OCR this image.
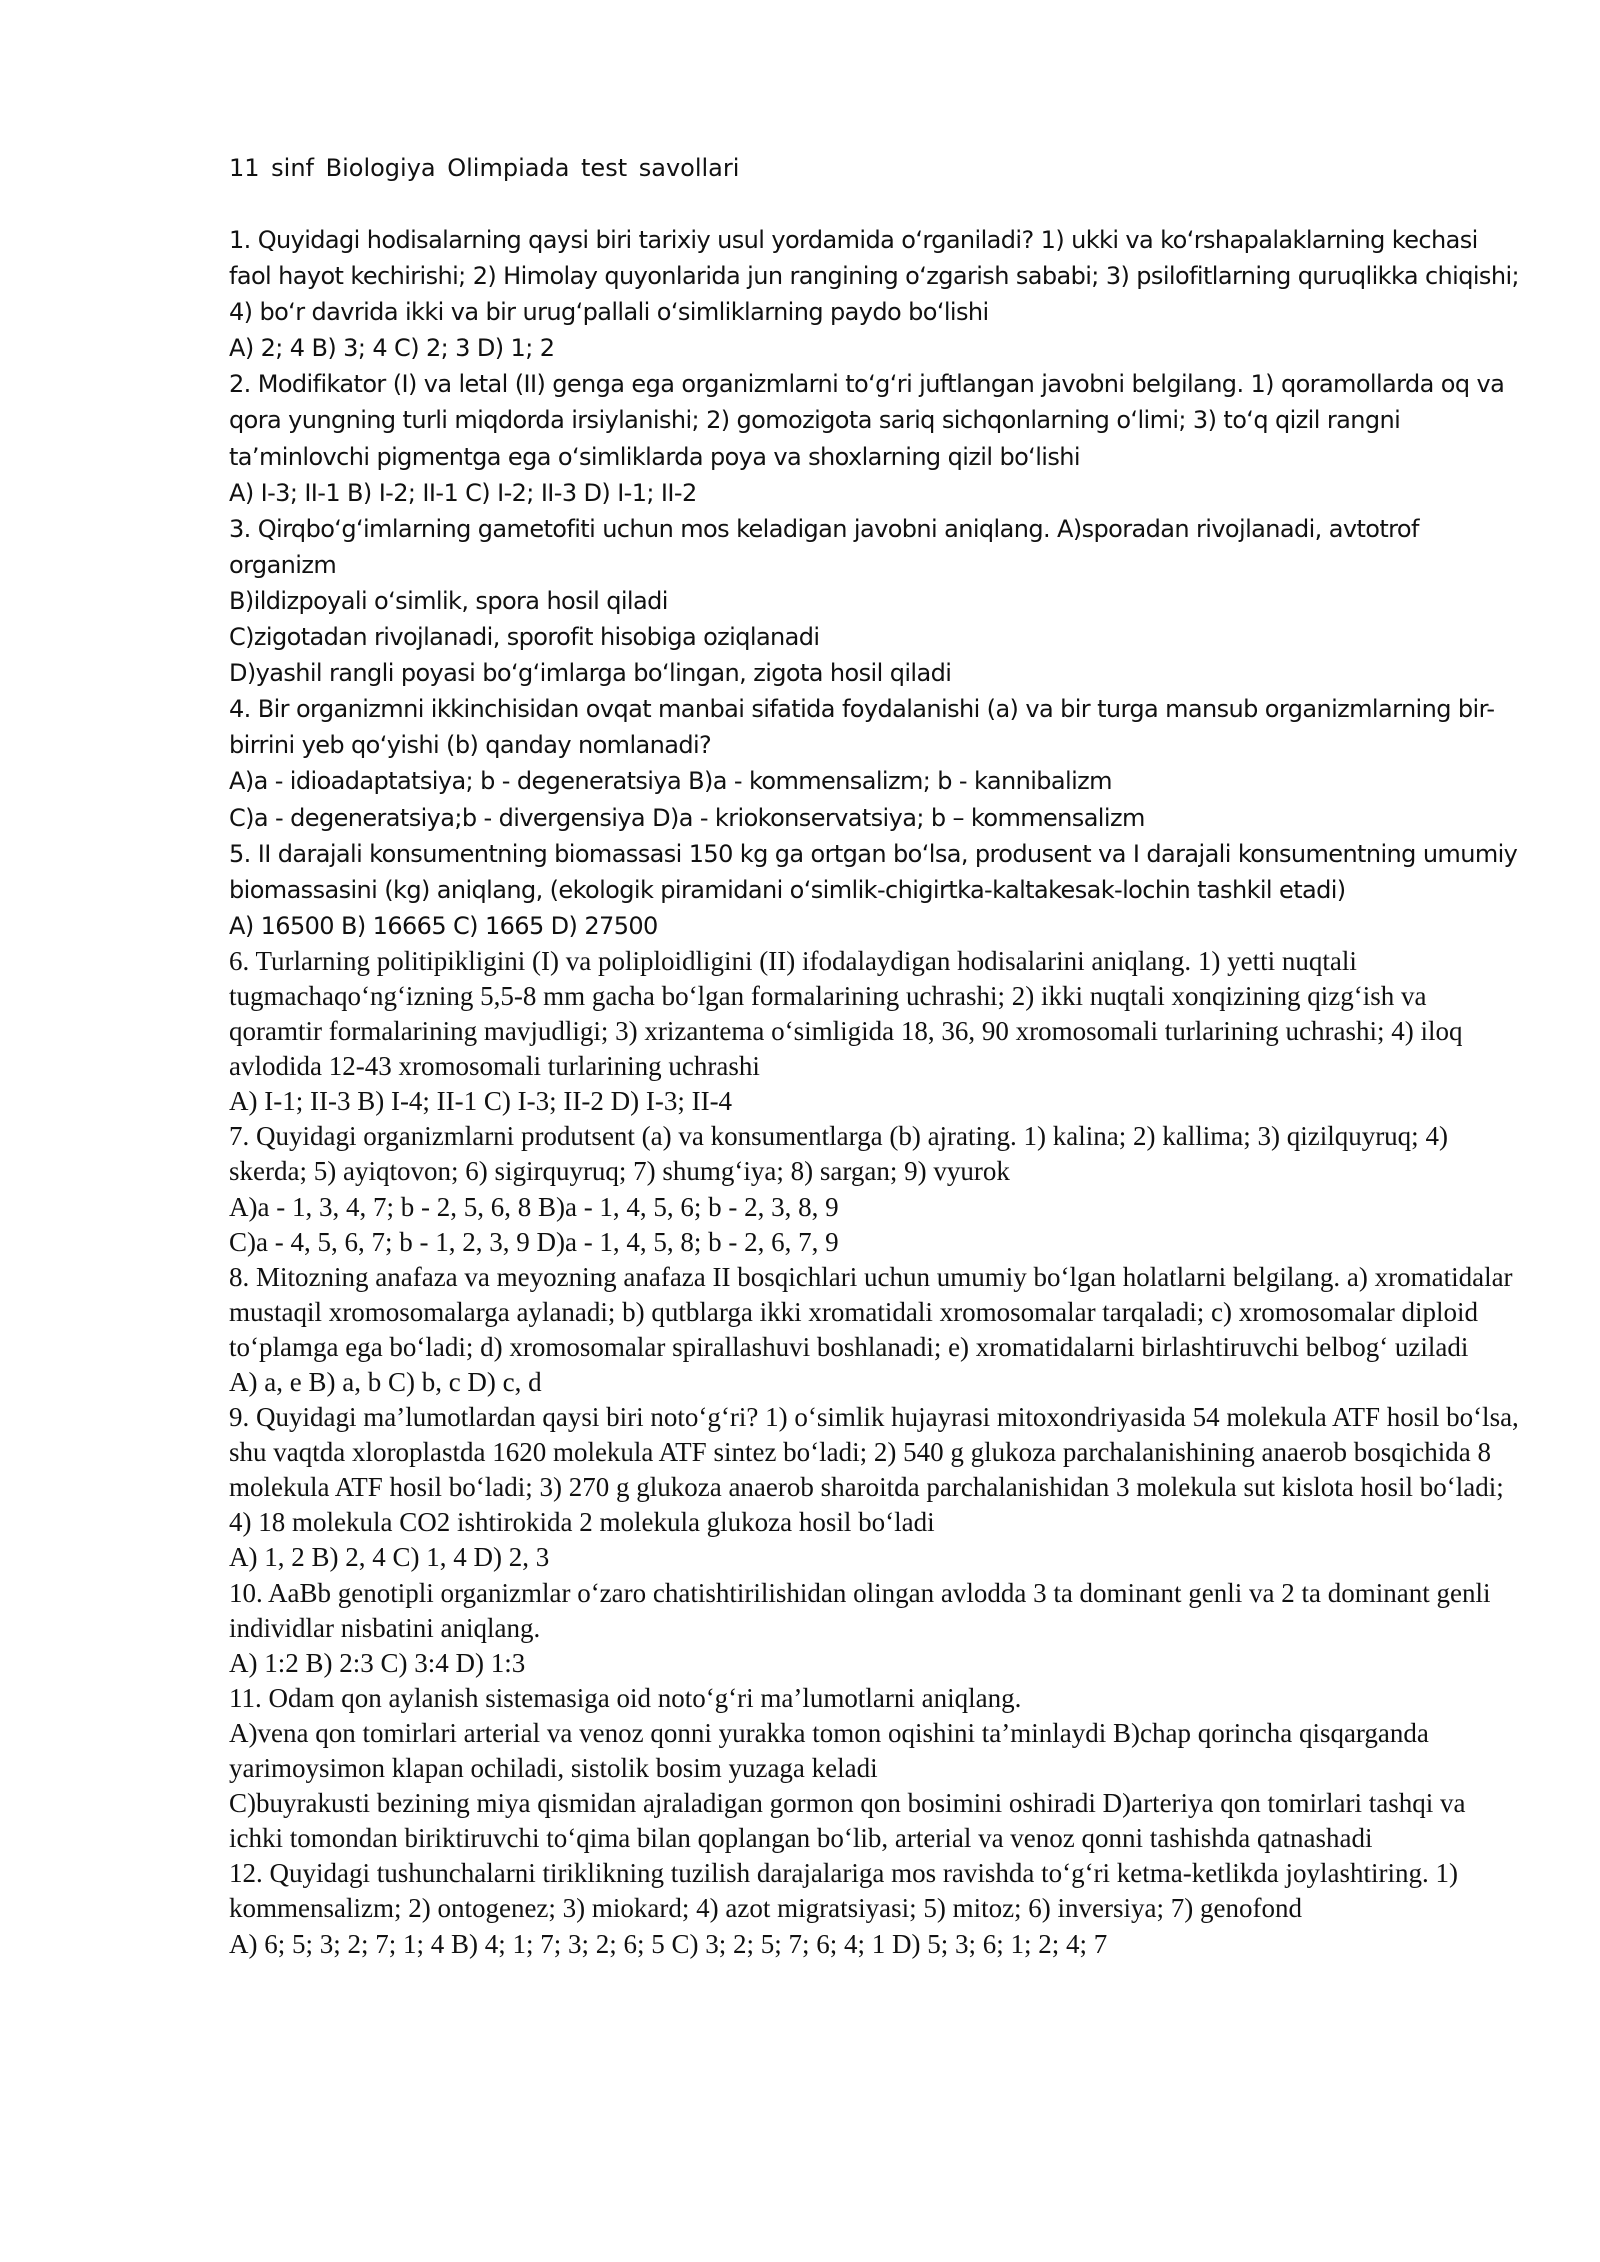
11 sinf Biologiya Olimpiada test savollari

1. Quyidagi hodisalarning qaysi biri tarixiy usul yordamida o‘rganiladi? 1) ukki va ko‘rshapalaklarning kechasi faol hayot kechirishi; 2) Himolay quyonlarida jun rangining o‘zgarish sababi; 3) psilofitlarning quruqlikka chiqishi; 4) bo‘r davrida ikki va bir urug‘pallali o‘simliklarning paydo bo‘lishi

A) 2; 4 B) 3; 4 C) 2; 3 D) 1; 2

2. Modifikator (I) va letal (II) genga ega organizmlarni to‘g‘ri juftlangan javobni belgilang. 1) qoramollarda oq va qora yungning turli miqdorda irsiylanishi; 2) gomozigota sariq sichqonlarning o‘limi; 3) to‘q qizil rangni ta’minlovchi pigmentga ega o‘simliklarda poya va shoxlarning qizil bo‘lishi

A) I-3; II-1 B) I-2; II-1 C) I-2; II-3 D) I-1; II-2

3. Qirqbo‘g‘imlarning gametofiti uchun mos keladigan javobni aniqlang. A)sporadan rivojlanadi, avtotrof organizm

B)ildizpoyali o‘simlik, spora hosil qiladi

C)zigotadan rivojlanadi, sporofit hisobiga oziqlanadi

D)yashil rangli poyasi bo‘g‘imlarga bo‘lingan, zigota hosil qiladi

4. Bir organizmni ikkinchisidan ovqat manbai sifatida foydalanishi (a) va bir turga mansub organizmlarning bir-birrini yeb qo‘yishi (b) qanday nomlanadi?

A)a - idioadaptatsiya; b - degeneratsiya B)a - kommensalizm; b - kannibalizm

C)a - degeneratsiya;b - divergensiya D)a - kriokonservatsiya; b – kommensalizm

5. II darajali konsumentning biomassasi 150 kg ga ortgan bo‘lsa, produsent va I darajali konsumentning umumiy biomassasini (kg) aniqlang, (ekologik piramidani o‘simlik-chigirtka-kaltakesak-lochin tashkil etadi)

A) 16500 B) 16665 C) 1665 D) 27500

6. Turlarning politipikligini (I) va poliploidligini (II) ifodalaydigan hodisalarini aniqlang. 1) yetti nuqtali tugmachaqo‘ng‘izning 5,5-8 mm gacha bo‘lgan formalarining uchrashi; 2) ikki nuqtali xonqizining qizg‘ish va qoramtir formalarining mavjudligi; 3) xrizantema o‘simligida 18, 36, 90 xromosomali turlarining uchrashi; 4) iloq avlodida 12-43 xromosomali turlarining uchrashi

A) I-1; II-3 B) I-4; II-1 C) I-3; II-2 D) I-3; II-4

7. Quyidagi organizmlarni produtsent (a) va konsumentlarga (b) ajrating. 1) kalina; 2) kallima; 3) qizilquyruq; 4) skerda; 5) ayiqtovon; 6) sigirquyruq; 7) shumg‘iya; 8) sargan; 9) vyurok

A)a - 1, 3, 4, 7; b - 2, 5, 6, 8 B)a - 1, 4, 5, 6; b - 2, 3, 8, 9

C)a - 4, 5, 6, 7; b - 1, 2, 3, 9 D)a - 1, 4, 5, 8; b - 2, 6, 7, 9

8. Mitozning anafaza va meyozning anafaza II bosqichlari uchun umumiy bo‘lgan holatlarni belgilang. a) xromatidalar mustaqil xromosomalarga aylanadi; b) qutblarga ikki xromatidali xromosomalar tarqaladi; c) xromosomalar diploid to‘plamga ega bo‘ladi; d) xromosomalar spirallashuvi boshlanadi; e) xromatidalarni birlashtiruvchi belbog‘ uziladi

A) a, e B) a, b C) b, c D) c, d

9. Quyidagi ma’lumotlardan qaysi biri noto‘g‘ri? 1) o‘simlik hujayrasi mitoxondriyasida 54 molekula ATF hosil bo‘lsa, shu vaqtda xloroplastda 1620 molekula ATF sintez bo‘ladi; 2) 540 g glukoza parchalanishining anaerob bosqichida 8 molekula ATF hosil bo‘ladi; 3) 270 g glukoza anaerob sharoitda parchalanishidan 3 molekula sut kislota hosil bo‘ladi; 4) 18 molekula CO2 ishtirokida 2 molekula glukoza hosil bo‘ladi

A) 1, 2 B) 2, 4 C) 1, 4 D) 2, 3

10. AaBb genotipli organizmlar o‘zaro chatishtirilishidan olingan avlodda 3 ta dominant genli va 2 ta dominant genli individlar nisbatini aniqlang.

A) 1:2 B) 2:3 C) 3:4 D) 1:3

11. Odam qon aylanish sistemasiga oid noto‘g‘ri ma’lumotlarni aniqlang.

A)vena qon tomirlari arterial va venoz qonni yurakka tomon oqishini ta’minlaydi B)chap qorincha qisqarganda yarimoysimon klapan ochiladi, sistolik bosim yuzaga keladi

C)buyrakusti bezining miya qismidan ajraladigan gormon qon bosimini oshiradi D)arteriya qon tomirlari tashqi va ichki tomondan biriktiruvchi to‘qima bilan qoplangan bo‘lib, arterial va venoz qonni tashishda qatnashadi

12. Quyidagi tushunchalarni tiriklikning tuzilish darajalariga mos ravishda to‘g‘ri ketma-ketlikda joylashtiring. 1) kommensalizm; 2) ontogenez; 3) miokard; 4) azot migratsiyasi; 5) mitoz; 6) inversiya; 7) genofond

A) 6; 5; 3; 2; 7; 1; 4 B) 4; 1; 7; 3; 2; 6; 5 C) 3; 2; 5; 7; 6; 4; 1 D) 5; 3; 6; 1; 2; 4; 7
